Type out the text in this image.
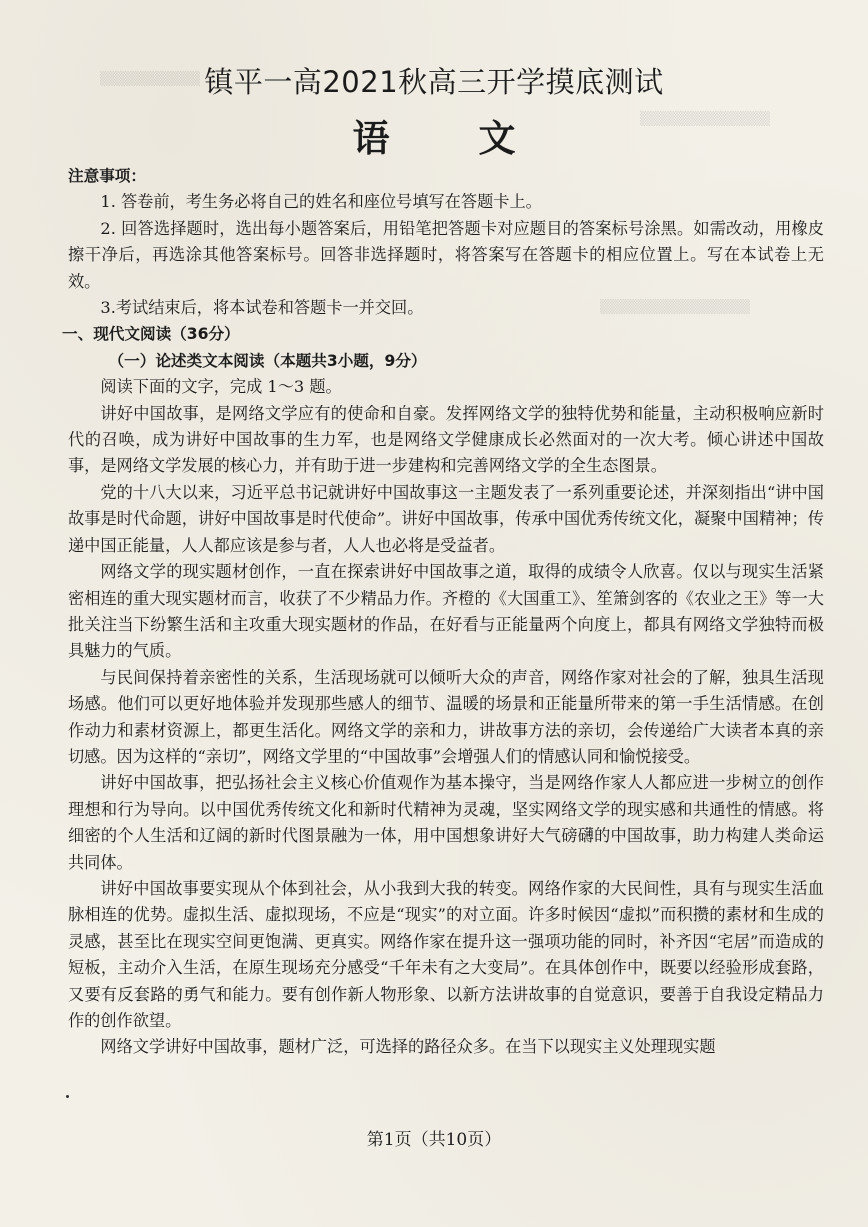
▒▒▒▒▒▒▒▒▒▒
▒▒▒▒▒▒▒▒▒▒▒▒▒
▒▒▒▒▒▒▒▒▒▒▒▒▒▒▒
镇平一高2021秋高三开学摸底测试
语　文

注意事项：

1. 答卷前，考生务必将自己的姓名和座位号填写在答题卡上。

2. 回答选择题时，选出每小题答案后，用铅笔把答题卡对应题目的答案标号涂黑。如需改动，用橡皮擦干净后，再选涂其他答案标号。回答非选择题时，将答案写在答题卡的相应位置上。写在本试卷上无效。

3.考试结束后，将本试卷和答题卡一并交回。

一、现代文阅读（36分）

（一）论述类文本阅读（本题共3小题，9分）

阅读下面的文字，完成 1～3 题。

讲好中国故事，是网络文学应有的使命和自豪。发挥网络文学的独特优势和能量，主动积极响应新时代的召唤，成为讲好中国故事的生力军，也是网络文学健康成长必然面对的一次大考。倾心讲述中国故事，是网络文学发展的核心力，并有助于进一步建构和完善网络文学的全生态图景。

党的十八大以来，习近平总书记就讲好中国故事这一主题发表了一系列重要论述，并深刻指出“讲中国故事是时代命题，讲好中国故事是时代使命”。讲好中国故事，传承中国优秀传统文化，凝聚中国精神；传递中国正能量，人人都应该是参与者，人人也必将是受益者。

网络文学的现实题材创作，一直在探索讲好中国故事之道，取得的成绩令人欣喜。仅以与现实生活紧密相连的重大现实题材而言，收获了不少精品力作。齐橙的《大国重工》、笙箫剑客的《农业之王》等一大批关注当下纷繁生活和主攻重大现实题材的作品，在好看与正能量两个向度上，都具有网络文学独特而极具魅力的气质。

与民间保持着亲密性的关系，生活现场就可以倾听大众的声音，网络作家对社会的了解，独具生活现场感。他们可以更好地体验并发现那些感人的细节、温暖的场景和正能量所带来的第一手生活情感。在创作动力和素材资源上，都更生活化。网络文学的亲和力，讲故事方法的亲切，会传递给广大读者本真的亲切感。因为这样的“亲切”，网络文学里的“中国故事”会增强人们的情感认同和愉悦接受。

讲好中国故事，把弘扬社会主义核心价值观作为基本操守，当是网络作家人人都应进一步树立的创作理想和行为导向。以中国优秀传统文化和新时代精神为灵魂，坚实网络文学的现实感和共通性的情感。将细密的个人生活和辽阔的新时代图景融为一体，用中国想象讲好大气磅礴的中国故事，助力构建人类命运共同体。

讲好中国故事要实现从个体到社会，从小我到大我的转变。网络作家的大民间性，具有与现实生活血脉相连的优势。虚拟生活、虚拟现场，不应是“现实”的对立面。许多时候因“虚拟”而积攒的素材和生成的灵感，甚至比在现实空间更饱满、更真实。网络作家在提升这一强项功能的同时，补齐因“宅居”而造成的短板，主动介入生活，在原生现场充分感受“千年未有之大变局”。在具体创作中，既要以经验形成套路，又要有反套路的勇气和能力。要有创作新人物形象、以新方法讲故事的自觉意识，要善于自我设定精品力作的创作欲望。

网络文学讲好中国故事，题材广泛，可选择的路径众多。在当下以现实主义处理现实题

第1页（共10页）
